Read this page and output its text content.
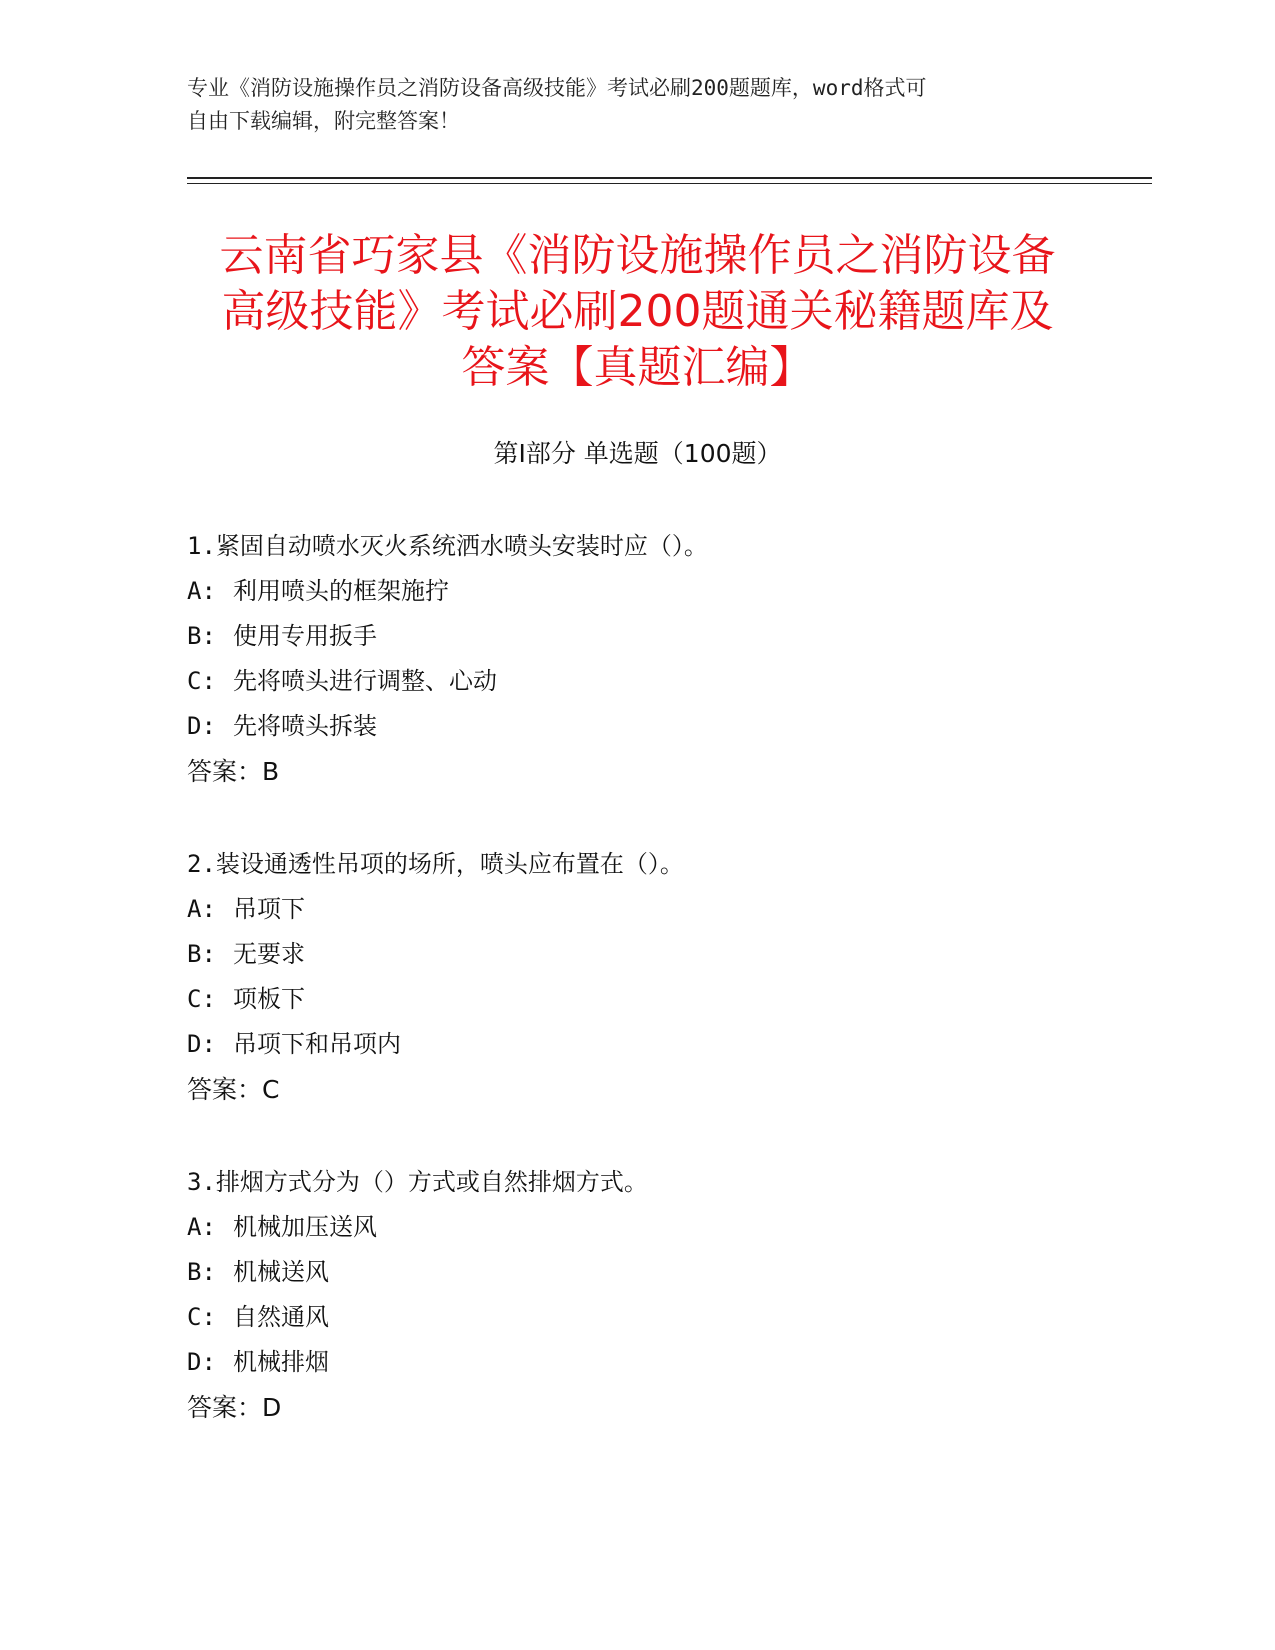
专业《消防设施操作员之消防设备高级技能》考试必刷200题题库，word格式可
自由下载编辑，附完整答案！
云南省巧家县《消防设施操作员之消防设备
高级技能》考试必刷200题通关秘籍题库及
答案【真题汇编】
第Ⅰ部分 单选题（100题）
1.紧固自动喷水灭火系统洒水喷头安装时应（）。
A: 利用喷头的框架施拧
B: 使用专用扳手
C: 先将喷头进行调整、心动
D: 先将喷头拆装
答案：B
2.装设通透性吊项的场所，喷头应布置在（）。
A: 吊项下
B: 无要求
C: 项板下
D: 吊项下和吊项内
答案：C
3.排烟方式分为（）方式或自然排烟方式。
A: 机械加压送风
B: 机械送风
C: 自然通风
D: 机械排烟
答案：D
